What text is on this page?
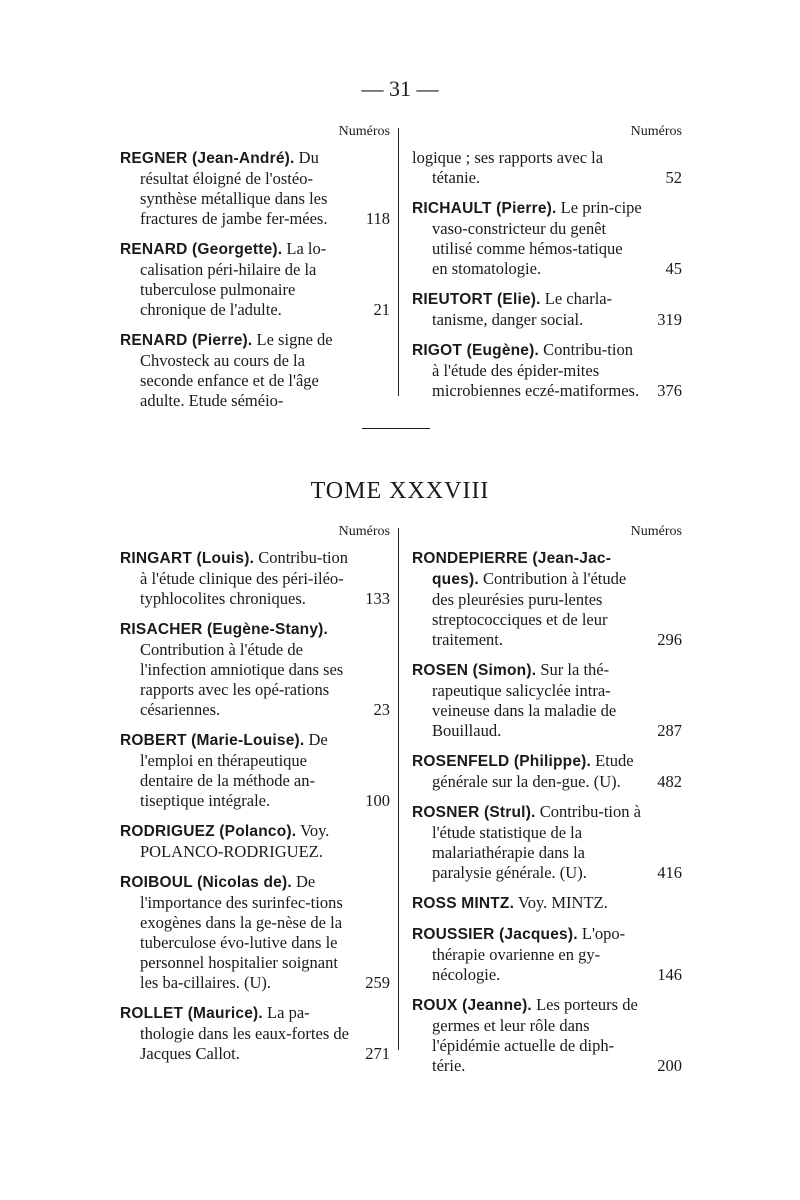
— 31 —
Numéros
REGNER (Jean-André). Du résultat éloigné de l'ostéo-synthèse métallique dans les fractures de jambe fer-mées.	118
RENARD (Georgette). La lo-calisation péri-hilaire de la tuberculose pulmonaire chronique de l'adulte.	21
RENARD (Pierre). Le signe de Chvosteck au cours de la seconde enfance et de l'âge adulte. Etude séméio-
Numéros
logique ; ses rapports avec la tétanie.	52
RICHAULT (Pierre). Le prin-cipe vaso-constricteur du genêt utilisé comme hémos-tatique en stomatologie.	45
RIEUTORT (Elie). Le charla-tanisme, danger social.	319
RIGOT (Eugène). Contribu-tion à l'étude des épider-mites microbiennes eczé-matiformes.	376
TOME XXXVIII
Numéros
RINGART (Louis). Contribu-tion à l'étude clinique des péri-iléo-typhlocolites chroniques.	133
RISACHER (Eugène-Stany). Contribution à l'étude de l'infection amniotique dans ses rapports avec les opé-rations césariennes.	23
ROBERT (Marie-Louise). De l'emploi en thérapeutique dentaire de la méthode an-tiseptique intégrale.	100
RODRIGUEZ (Polanco). Voy. POLANCO-RODRIGUEZ.
ROIBOUL (Nicolas de). De l'importance des surinfec-tions exogènes dans la ge-nèse de la tuberculose évo-lutive dans le personnel hospitalier soignant les ba-cillaires. (U).	259
ROLLET (Maurice). La pa-thologie dans les eaux-fortes de Jacques Callot.	271
Numéros
RONDEPIERRE (Jean-Jac-ques). Contribution à l'étude des pleurésies puru-lentes streptococciques et de leur traitement.	296
ROSEN (Simon). Sur la thé-rapeutique salicyclée intra-veineuse dans la maladie de Bouillaud.	287
ROSENFELD (Philippe). Etude générale sur la den-gue. (U).	482
ROSNER (Strul). Contribu-tion à l'étude statistique de la malariathérapie dans la paralysie générale. (U).	416
ROSS MINTZ. Voy. MINTZ.
ROUSSIER (Jacques). L'opo-thérapie ovarienne en gy-nécologie.	146
ROUX (Jeanne). Les porteurs de germes et leur rôle dans l'épidémie actuelle de diph-térie.	200
